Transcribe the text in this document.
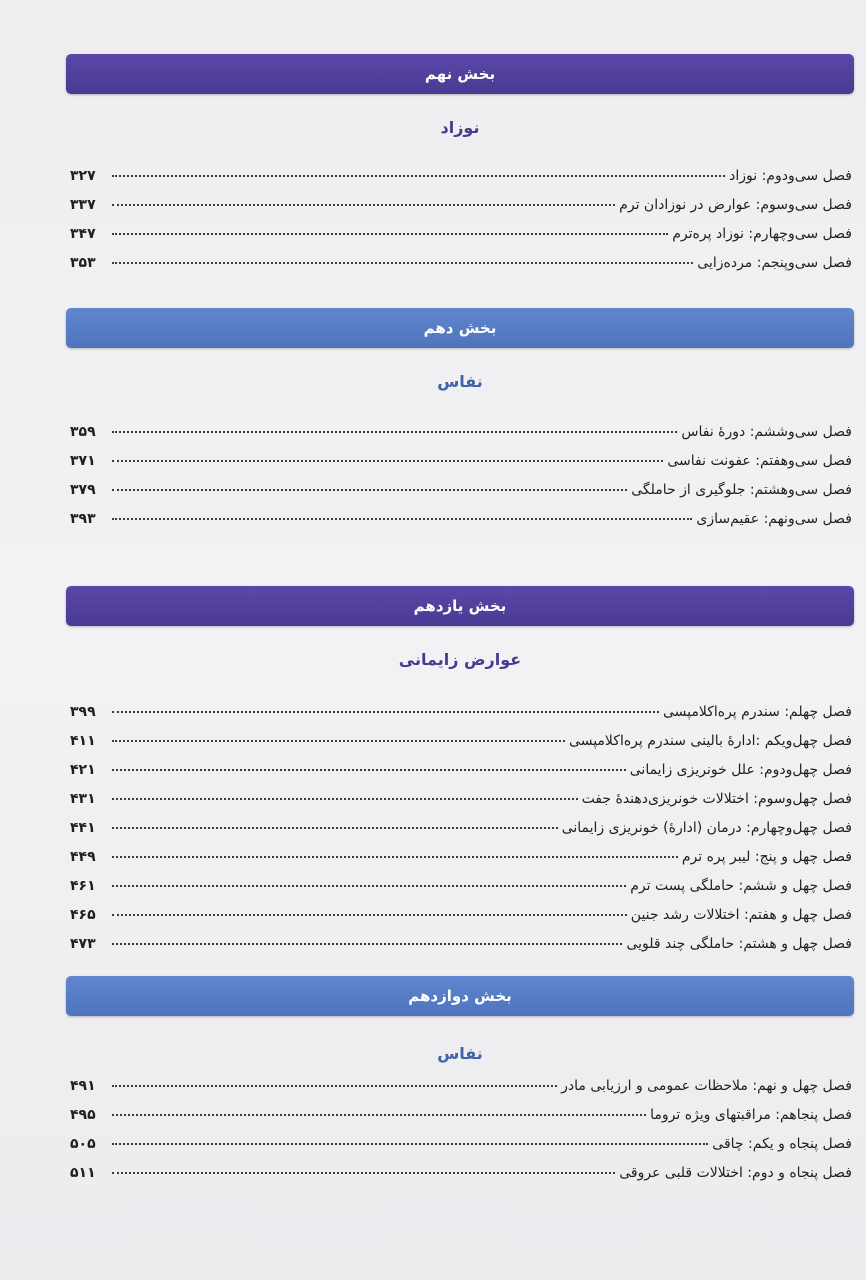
بخش نهم
نوزاد
فصل سی‌ودوم: نوزاد
۳۲۷
فصل سی‌وسوم: عوارض در نوزادان ترم
۳۳۷
فصل سی‌وچهارم: نوزاد پره‌ترم
۳۴۷
فصل سی‌وپنجم: مرده‌زایی
۳۵۳
بخش دهم
نفاس
فصل سی‌وششم: دورهٔ نفاس
۳۵۹
فصل سی‌وهفتم: عفونت نفاسی
۳۷۱
فصل سی‌وهشتم: جلوگیری از حاملگی
۳۷۹
فصل سی‌ونهم: عقیم‌سازی
۳۹۳
بخش یازدهم
عوارض زایمانی
فصل چهلم: سندرم پره‌اکلامپسی
۳۹۹
فصل چهل‌ویکم :ادارهٔ بالینی سندرم پره‌اکلامپسی
۴۱۱
فصل چهل‌ودوم: علل خونریزی زایمانی
۴۲۱
فصل چهل‌وسوم: اختلالات خونریزی‌دهندهٔ جفت
۴۳۱
فصل چهل‌وچهارم: درمان (ادارهٔ) خونریزی زایمانی
۴۴۱
فصل چهل و پنج: لیبر پره ترم
۴۴۹
فصل چهل و ششم: حاملگی پست ترم
۴۶۱
فصل چهل و هفتم: اختلالات رشد جنین
۴۶۵
فصل چهل و هشتم: حاملگی چند قلویی
۴۷۳
بخش دوازدهم
نفاس
فصل چهل و نهم: ملاحظات عمومی و ارزیابی مادر
۴۹۱
فصل پنجاهم: مراقبتهای ویژه تروما
۴۹۵
فصل پنجاه و یکم: چاقی
۵۰۵
فصل پنجاه و دوم: اختلالات قلبی عروقی
۵۱۱
